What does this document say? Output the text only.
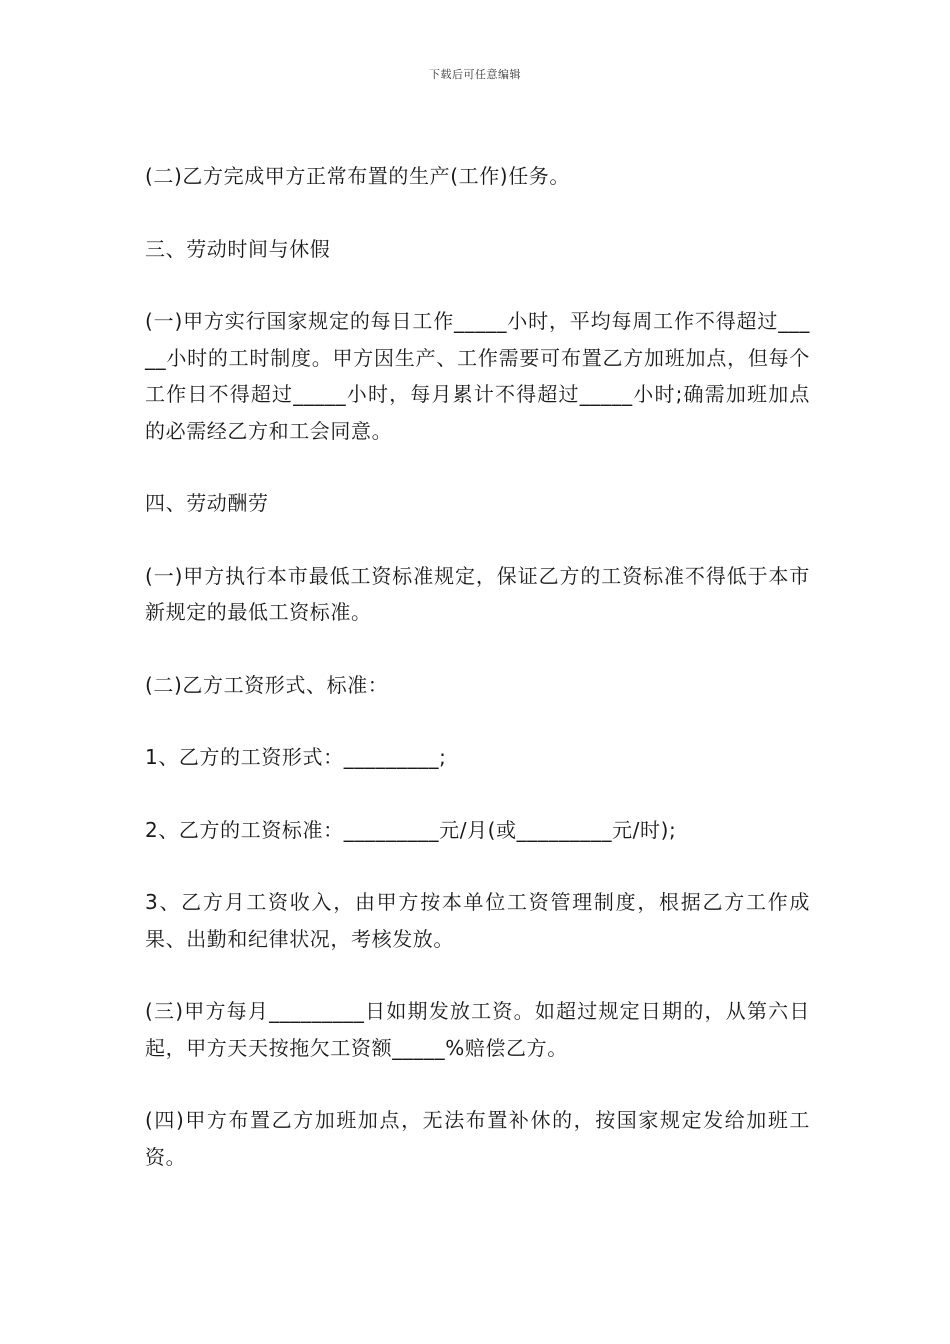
下载后可任意编辑

(二)乙方完成甲方正常布置的生产(工作)任务。

三、劳动时间与休假

(一)甲方实行国家规定的每日工作_____小时，平均每周工作不得超过_____小时的工时制度。甲方因生产、工作需要可布置乙方加班加点，但每个工作日不得超过_____小时，每月累计不得超过_____小时;确需加班加点的必需经乙方和工会同意。

四、劳动酬劳

(一)甲方执行本市最低工资标准规定，保证乙方的工资标准不得低于本市新规定的最低工资标准。

(二)乙方工资形式、标准：

1、乙方的工资形式：_________;

2、乙方的工资标准：_________元/月(或_________元/时);

3、乙方月工资收入，由甲方按本单位工资管理制度，根据乙方工作成果、出勤和纪律状况，考核发放。

(三)甲方每月_________日如期发放工资。如超过规定日期的，从第六日起，甲方天天按拖欠工资额_____%赔偿乙方。

(四)甲方布置乙方加班加点，无法布置补休的，按国家规定发给加班工资。
